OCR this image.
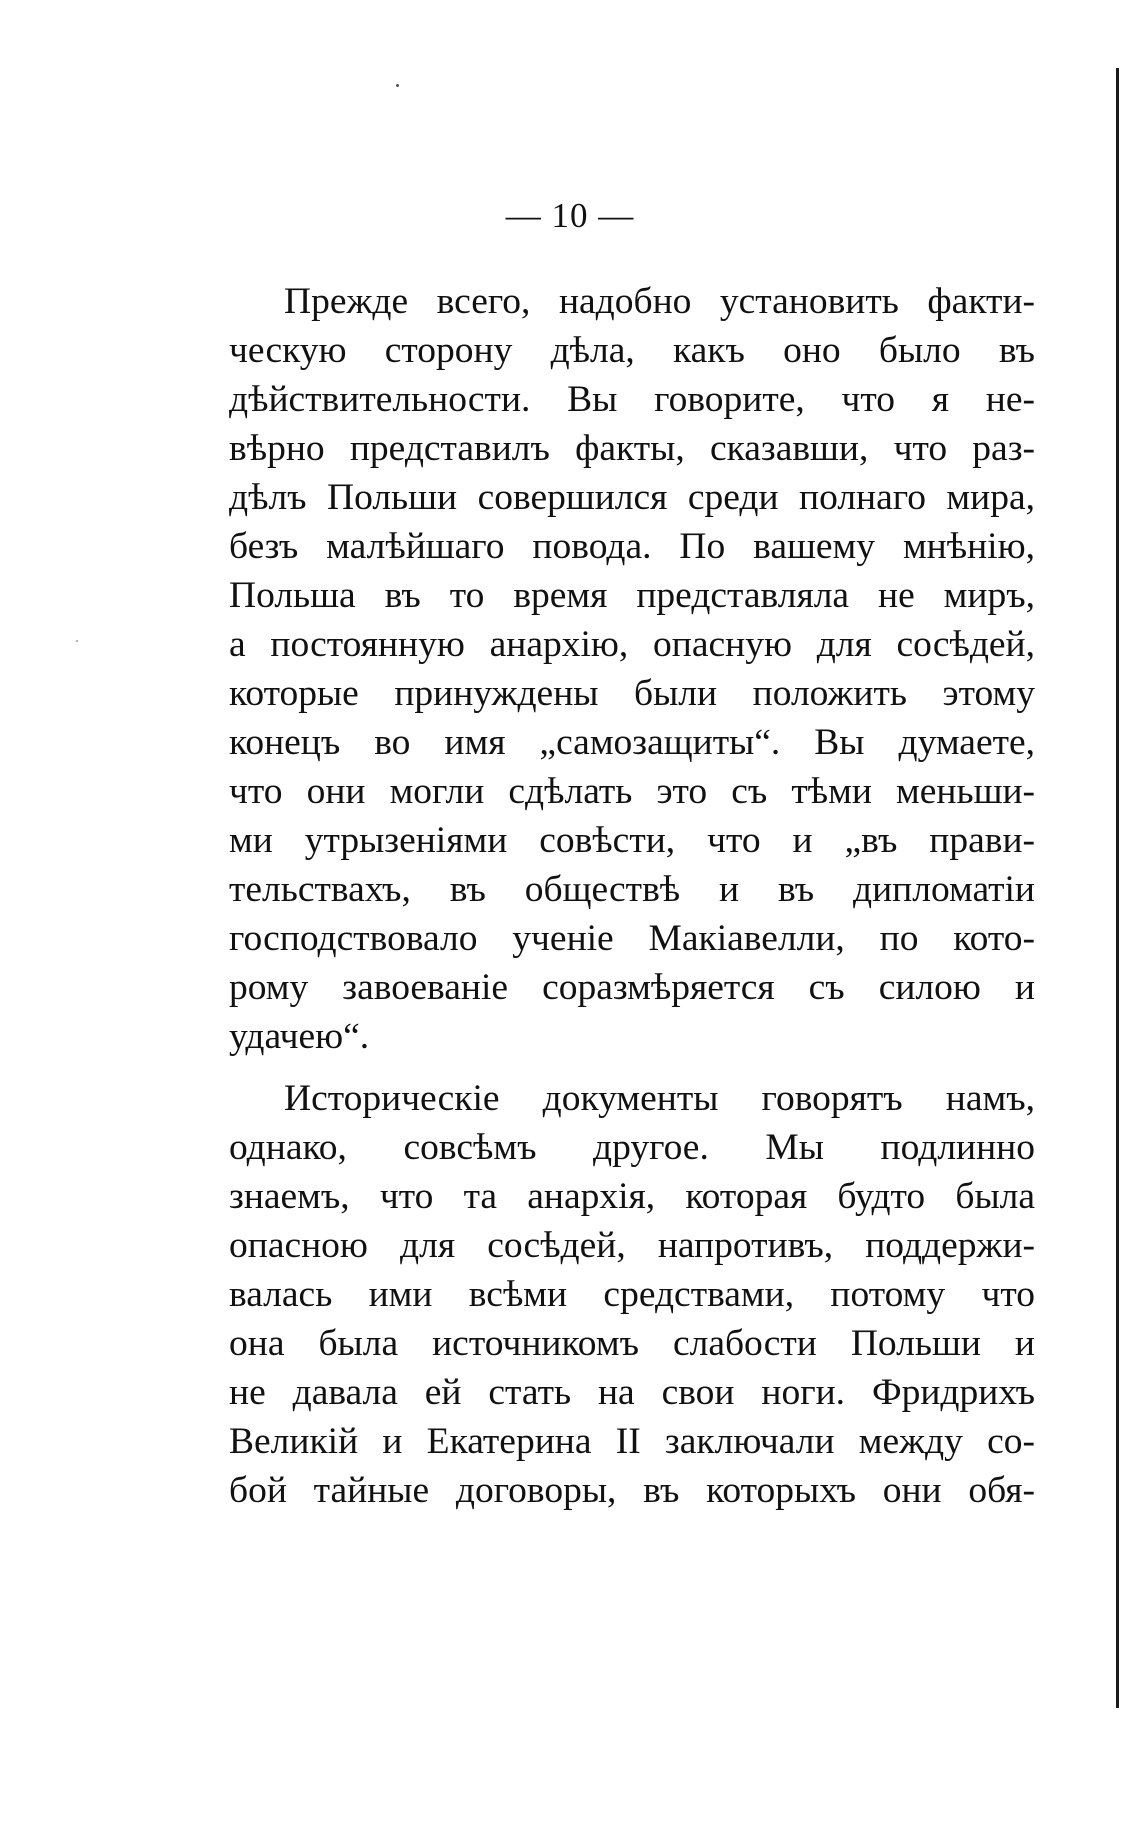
— 10 —

Прежде всего, надобно установить факти-
ческую сторону дѣла, какъ оно было въ
дѣйствительности. Вы говорите, что я не-
вѣрно представилъ факты, сказавши, что раз-
дѣлъ Польши совершился среди полнаго мира,
безъ малѣйшаго повода. По вашему мнѣнію,
Польша въ то время представляла не миръ,
а постоянную анархію, опасную для сосѣдей,
которые принуждены были положить этому
конецъ во имя „самозащиты“. Вы думаете,
что они могли сдѣлать это съ тѣми меньши-
ми утрызеніями совѣсти, что и „въ прави-
тельствахъ, въ обществѣ и въ дипломатіи
господствовало ученіе Макіавелли, по кото-
рому завоеваніе соразмѣряется съ силою и
удачею“.

Историческіе документы говорятъ намъ,
однако, совсѣмъ другое. Мы подлинно
знаемъ, что та анархія, которая будто была
опасною для сосѣдей, напротивъ, поддержи-
валась ими всѣми средствами, потому что
она была источникомъ слабости Польши и
не давала ей стать на свои ноги. Фридрихъ
Великій и Екатерина II заключали между со-
бой тайные договоры, въ которыхъ они обя-
